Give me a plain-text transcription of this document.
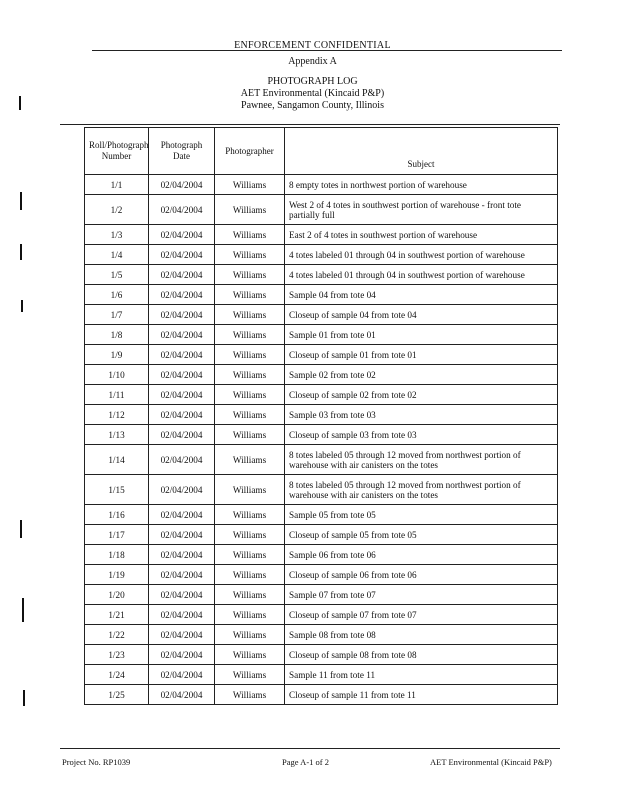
ENFORCEMENT CONFIDENTIAL
Appendix A
PHOTOGRAPH LOG
AET Environmental (Kincaid P&P)
Pawnee, Sangamon County, Illinois
Roll/Photograph Number	Photograph Date	Photographer	Subject
1/1	02/04/2004	Williams	8 empty totes in northwest portion of warehouse
1/2	02/04/2004	Williams	West 2 of 4 totes in southwest portion of warehouse - front tote partially full
1/3	02/04/2004	Williams	East 2 of 4 totes in southwest portion of warehouse
1/4	02/04/2004	Williams	4 totes labeled 01 through 04 in southwest portion of warehouse
1/5	02/04/2004	Williams	4 totes labeled 01 through 04 in southwest portion of warehouse
1/6	02/04/2004	Williams	Sample 04 from tote 04
1/7	02/04/2004	Williams	Closeup of sample 04 from tote 04
1/8	02/04/2004	Williams	Sample 01 from tote 01
1/9	02/04/2004	Williams	Closeup of sample 01 from tote 01
1/10	02/04/2004	Williams	Sample 02 from tote 02
1/11	02/04/2004	Williams	Closeup of sample 02 from tote 02
1/12	02/04/2004	Williams	Sample 03 from tote 03
1/13	02/04/2004	Williams	Closeup of sample 03 from tote 03
1/14	02/04/2004	Williams	8 totes labeled 05 through 12 moved from northwest portion of warehouse with air canisters on the totes
1/15	02/04/2004	Williams	8 totes labeled 05 through 12 moved from northwest portion of warehouse with air canisters on the totes
1/16	02/04/2004	Williams	Sample 05 from tote 05
1/17	02/04/2004	Williams	Closeup of sample 05 from tote 05
1/18	02/04/2004	Williams	Sample 06 from tote 06
1/19	02/04/2004	Williams	Closeup of sample 06 from tote 06
1/20	02/04/2004	Williams	Sample 07 from tote 07
1/21	02/04/2004	Williams	Closeup of sample 07 from tote 07
1/22	02/04/2004	Williams	Sample 08 from tote 08
1/23	02/04/2004	Williams	Closeup of sample 08 from tote 08
1/24	02/04/2004	Williams	Sample 11 from tote 11
1/25	02/04/2004	Williams	Closeup of sample 11 from tote 11
Project No. RP1039	Page A-1 of 2	AET Environmental (Kincaid P&P)
